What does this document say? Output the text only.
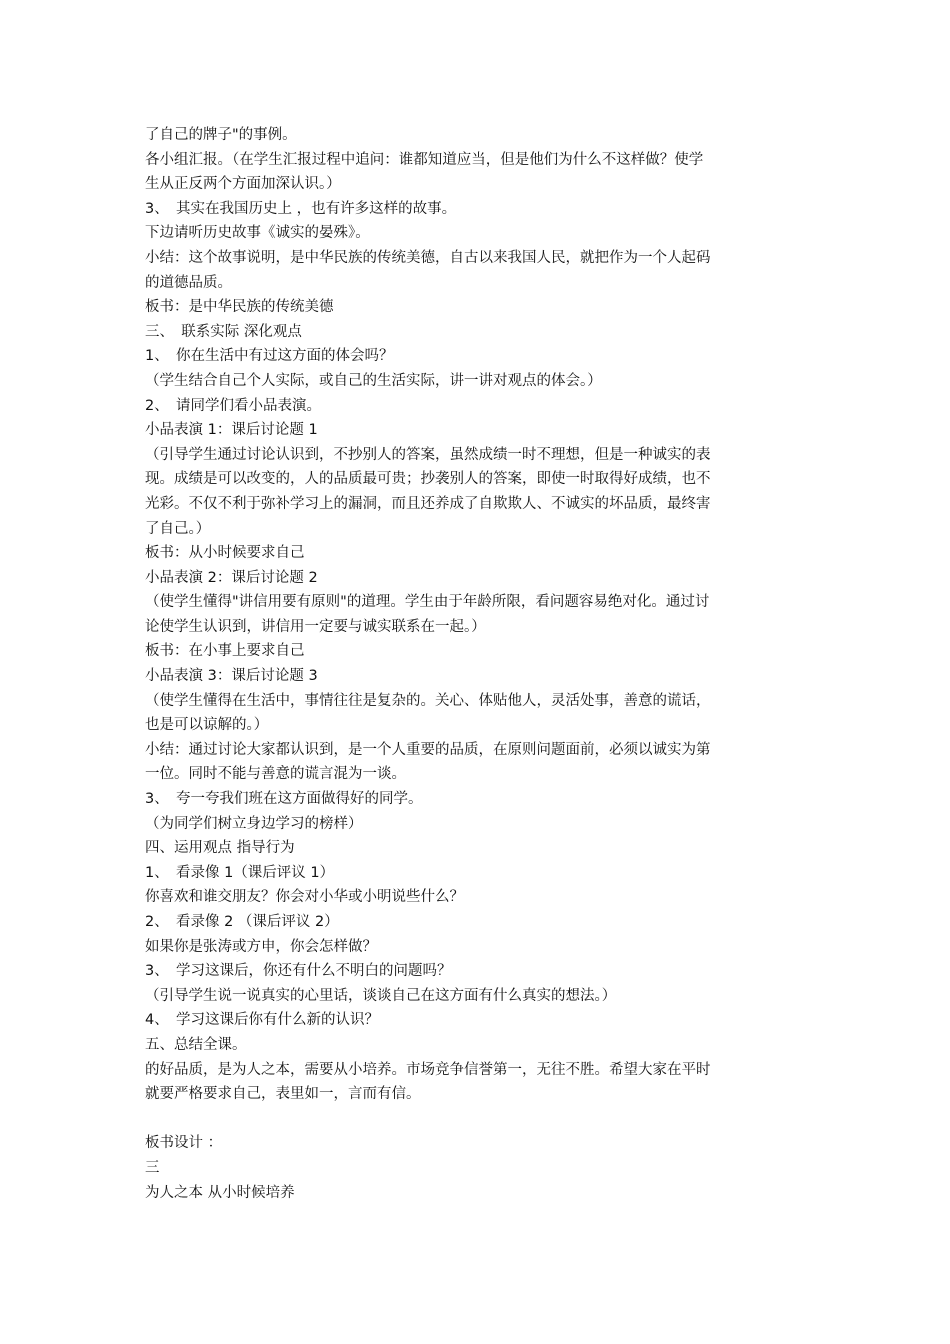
了自己的牌子"的事例。
各小组汇报。（在学生汇报过程中追问：谁都知道应当，但是他们为什么不这样做？使学
生从正反两个方面加深认识。）
3、　其实在我国历史上 ，也有许多这样的故事。
下边请听历史故事《诚实的晏殊》。
小结：这个故事说明，是中华民族的传统美德，自古以来我国人民，就把作为一个人起码
的道德品质。
板书：是中华民族的传统美德
三、　联系实际 深化观点
1、　你在生活中有过这方面的体会吗？
（学生结合自己个人实际，或自己的生活实际，讲一讲对观点的体会。）
2、　请同学们看小品表演。
小品表演 1：课后讨论题 1
（引导学生通过讨论认识到，不抄别人的答案，虽然成绩一时不理想，但是一种诚实的表
现。成绩是可以改变的，人的品质最可贵；抄袭别人的答案，即使一时取得好成绩，也不
光彩。不仅不利于弥补学习上的漏洞，而且还养成了自欺欺人、不诚实的坏品质，最终害
了自己。）
板书：从小时候要求自己
小品表演 2：课后讨论题 2
（使学生懂得"讲信用要有原则"的道理。学生由于年龄所限，看问题容易绝对化。通过讨
论使学生认识到，讲信用一定要与诚实联系在一起。）
板书：在小事上要求自己
小品表演 3：课后讨论题 3
（使学生懂得在生活中，事情往往是复杂的。关心、体贴他人，灵活处事，善意的谎话，
也是可以谅解的。）
小结：通过讨论大家都认识到，是一个人重要的品质，在原则问题面前，必须以诚实为第
一位。同时不能与善意的谎言混为一谈。
3、　夸一夸我们班在这方面做得好的同学。
（为同学们树立身边学习的榜样）
四、运用观点 指导行为
1、　看录像 1（课后评议 1）
你喜欢和谁交朋友？你会对小华或小明说些什么？
2、　看录像 2 （课后评议 2）
如果你是张涛或方申，你会怎样做？
3、　学习这课后，你还有什么不明白的问题吗？
（引导学生说一说真实的心里话，谈谈自己在这方面有什么真实的想法。）
4、　学习这课后你有什么新的认识？
五、总结全课。
的好品质，是为人之本，需要从小培养。市场竞争信誉第一，无往不胜。希望大家在平时
就要严格要求自己，表里如一，言而有信。
板书设计 ：
三
为人之本 从小时候培养
